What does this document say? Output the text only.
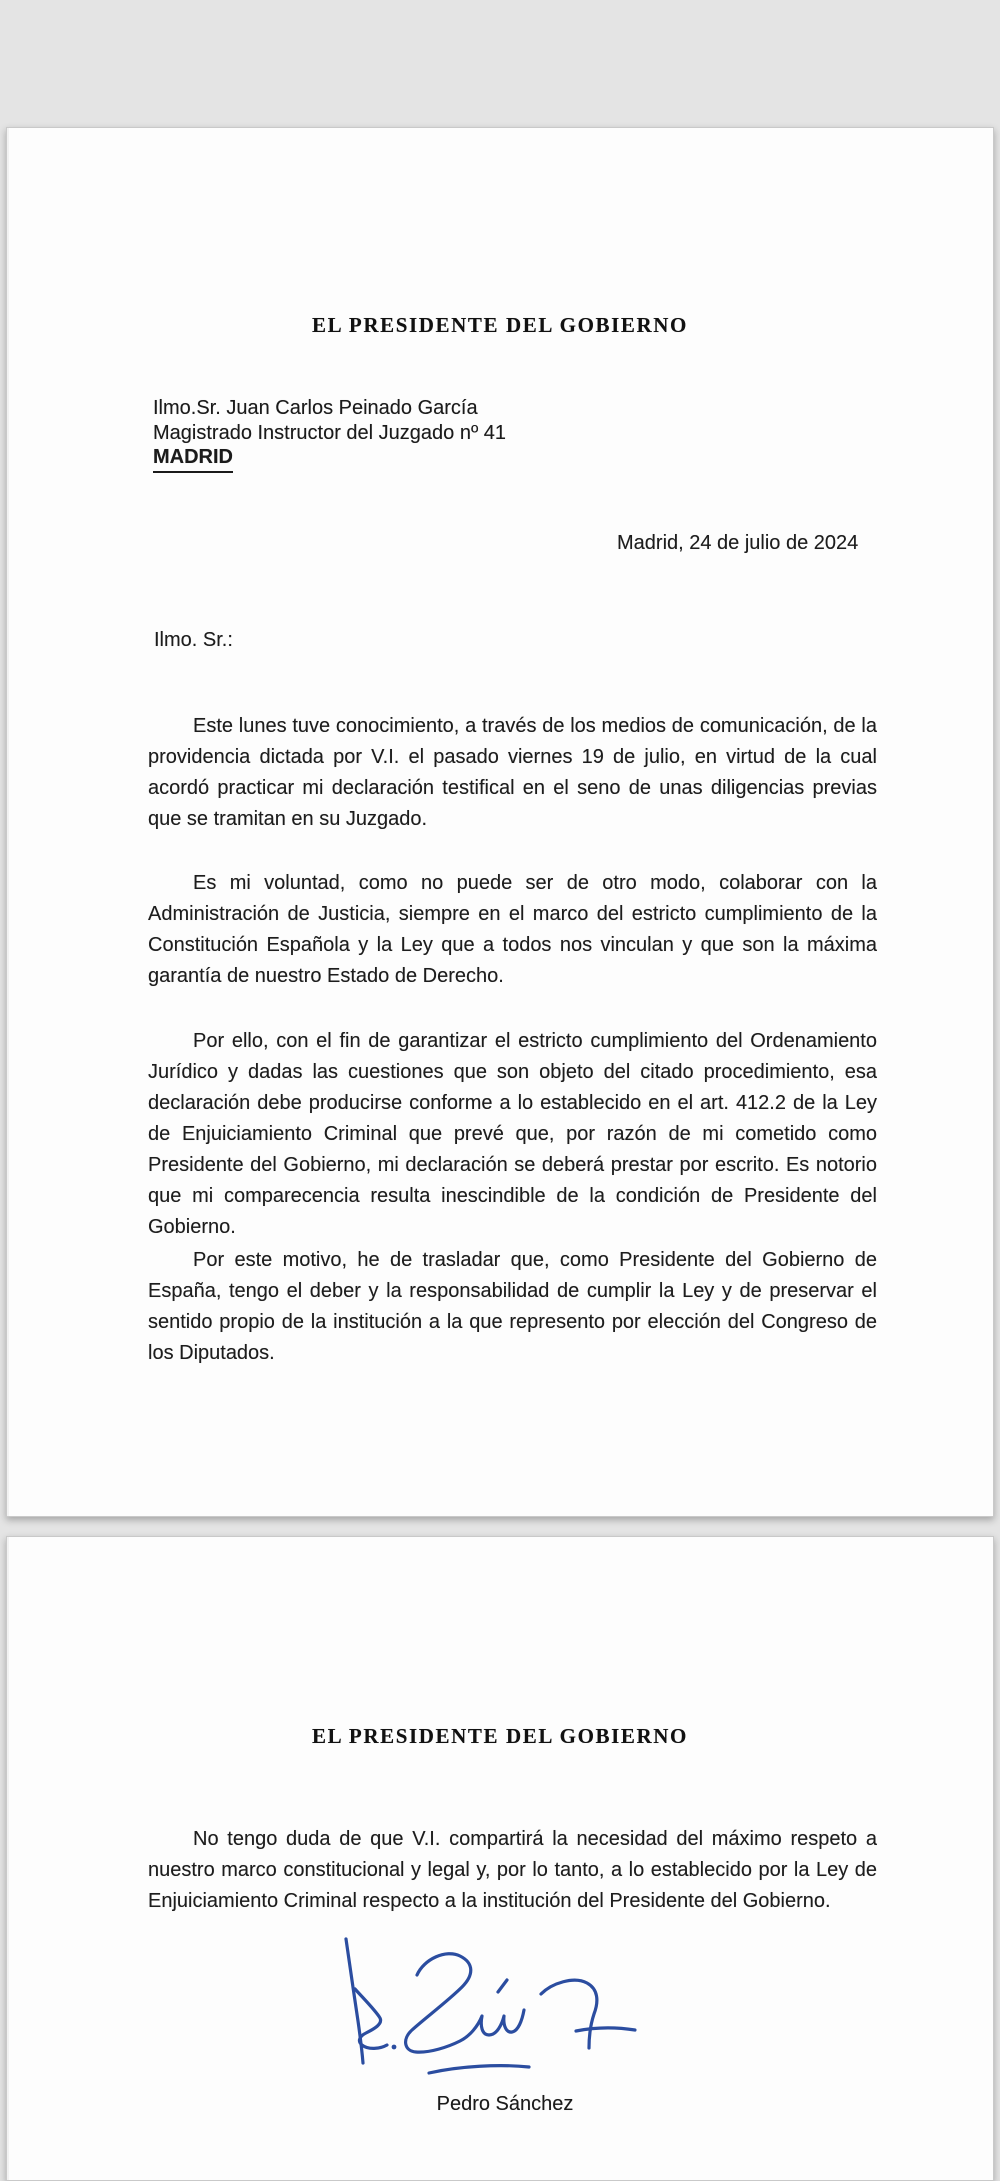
EL PRESIDENTE DEL GOBIERNO
Ilmo.Sr. Juan Carlos Peinado García
Magistrado Instructor del Juzgado nº 41
MADRID
Madrid, 24 de julio de 2024
Ilmo. Sr.:

Este lunes tuve conocimiento, a través de los medios de comunicación, de la providencia dictada por V.I. el pasado viernes 19 de julio, en virtud de la cual acordó practicar mi declaración testifical en el seno de unas diligencias previas que se tramitan en su Juzgado.

Es mi voluntad, como no puede ser de otro modo, colaborar con la Administración de Justicia, siempre en el marco del estricto cumplimiento de la Constitución Española y la Ley que a todos nos vinculan y que son la máxima garantía de nuestro Estado de Derecho.

Por ello, con el fin de garantizar el estricto cumplimiento del Ordenamiento Jurídico y dadas las cuestiones que son objeto del citado procedimiento, esa declaración debe producirse conforme a lo establecido en el art. 412.2 de la Ley de Enjuiciamiento Criminal que prevé que, por razón de mi cometido como Presidente del Gobierno, mi declaración se deberá prestar por escrito. Es notorio que mi comparecencia resulta inescindible de la condición de Presidente del Gobierno.

Por este motivo, he de trasladar que, como Presidente del Gobierno de España, tengo el deber y la responsabilidad de cumplir la Ley y de preservar el sentido propio de la institución a la que represento por elección del Congreso de los Diputados.

EL PRESIDENTE DEL GOBIERNO

No tengo duda de que V.I. compartirá la necesidad del máximo respeto a nuestro marco constitucional y legal y, por lo tanto, a lo establecido por la Ley de Enjuiciamiento Criminal respecto a la institución del Presidente del Gobierno.

Pedro Sánchez
